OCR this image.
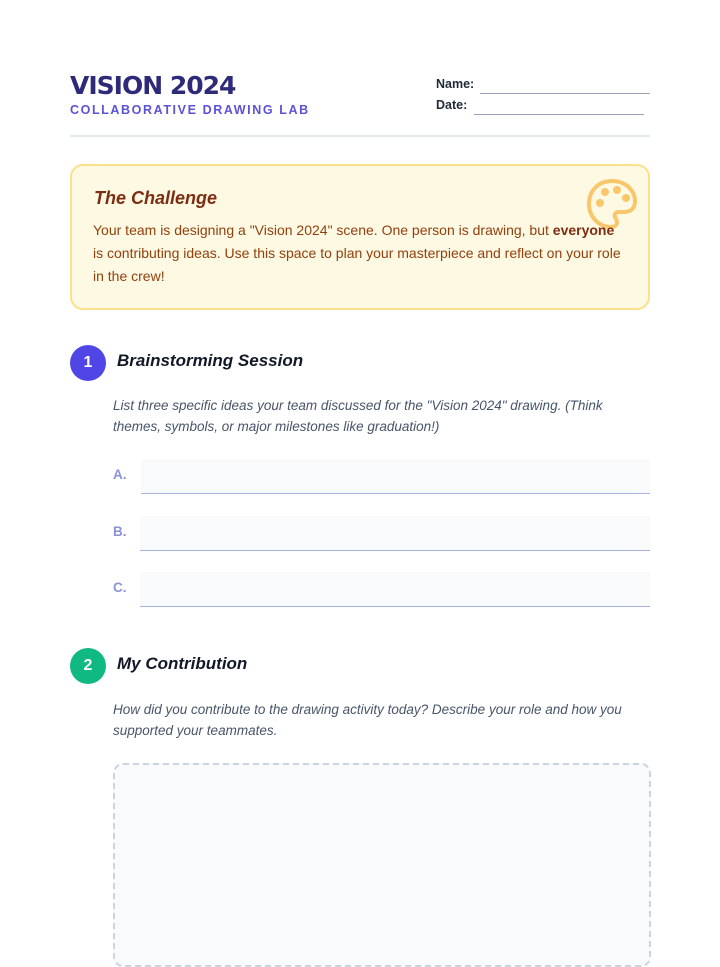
VISION 2024
COLLABORATIVE DRAWING LAB
Name:
Date:
The Challenge

Your team is designing a "Vision 2024" scene. One person is drawing, but everyone is contributing ideas. Use this space to plan your masterpiece and reflect on your role in the crew!

1	Brainstorming Session

List three specific ideas your team discussed for the "Vision 2024" drawing. (Think themes, symbols, or major milestones like graduation!)

A.
B.
C.
2	My Contribution

How did you contribute to the drawing activity today? Describe your role and how you supported your teammates.
